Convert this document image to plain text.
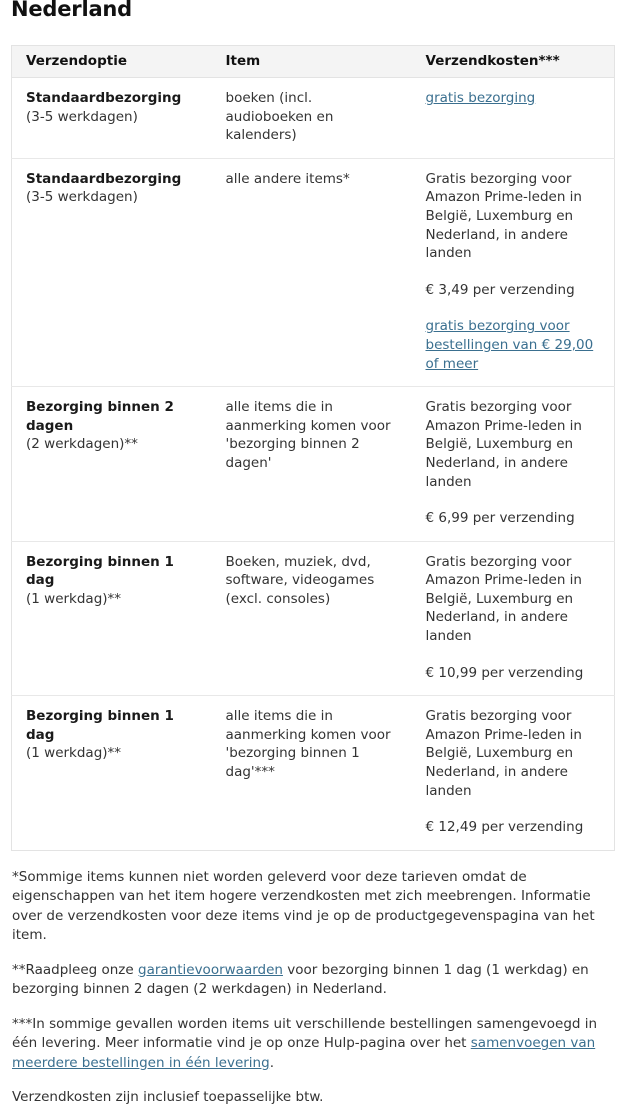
Nederland
Verzendoptie	Item	Verzendkosten***

Standaardbezorging
(3-5 werkdagen)	boeken (incl. audioboeken en kalenders)	gratis bezorging

Standaardbezorging
(3-5 werkdagen)	alle andere items*	Gratis bezorging voor Amazon Prime-leden in België, Luxemburg en Nederland, in andere landen
€ 3,49 per verzending
gratis bezorging voor bestellingen van € 29,00 of meer

Bezorging binnen 2 dagen
(2 werkdagen)**	alle items die in aanmerking komen voor 'bezorging binnen 2 dagen'	Gratis bezorging voor Amazon Prime-leden in België, Luxemburg en Nederland, in andere landen
€ 6,99 per verzending

Bezorging binnen 1 dag
(1 werkdag)**	Boeken, muziek, dvd, software, videogames (excl. consoles)	Gratis bezorging voor Amazon Prime-leden in België, Luxemburg en Nederland, in andere landen
€ 10,99 per verzending

Bezorging binnen 1 dag
(1 werkdag)**	alle items die in aanmerking komen voor 'bezorging binnen 1 dag'***	Gratis bezorging voor Amazon Prime-leden in België, Luxemburg en Nederland, in andere landen
€ 12,49 per verzending

*Sommige items kunnen niet worden geleverd voor deze tarieven omdat de eigenschappen van het item hogere verzendkosten met zich meebrengen. Informatie over de verzendkosten voor deze items vind je op de productgegevenspagina van het item.

**Raadpleeg onze garantievoorwaarden voor bezorging binnen 1 dag (1 werkdag) en bezorging binnen 2 dagen (2 werkdagen) in Nederland.

***In sommige gevallen worden items uit verschillende bestellingen samengevoegd in één levering. Meer informatie vind je op onze Hulp-pagina over het samenvoegen van meerdere bestellingen in één levering.

Verzendkosten zijn inclusief toepasselijke btw.
